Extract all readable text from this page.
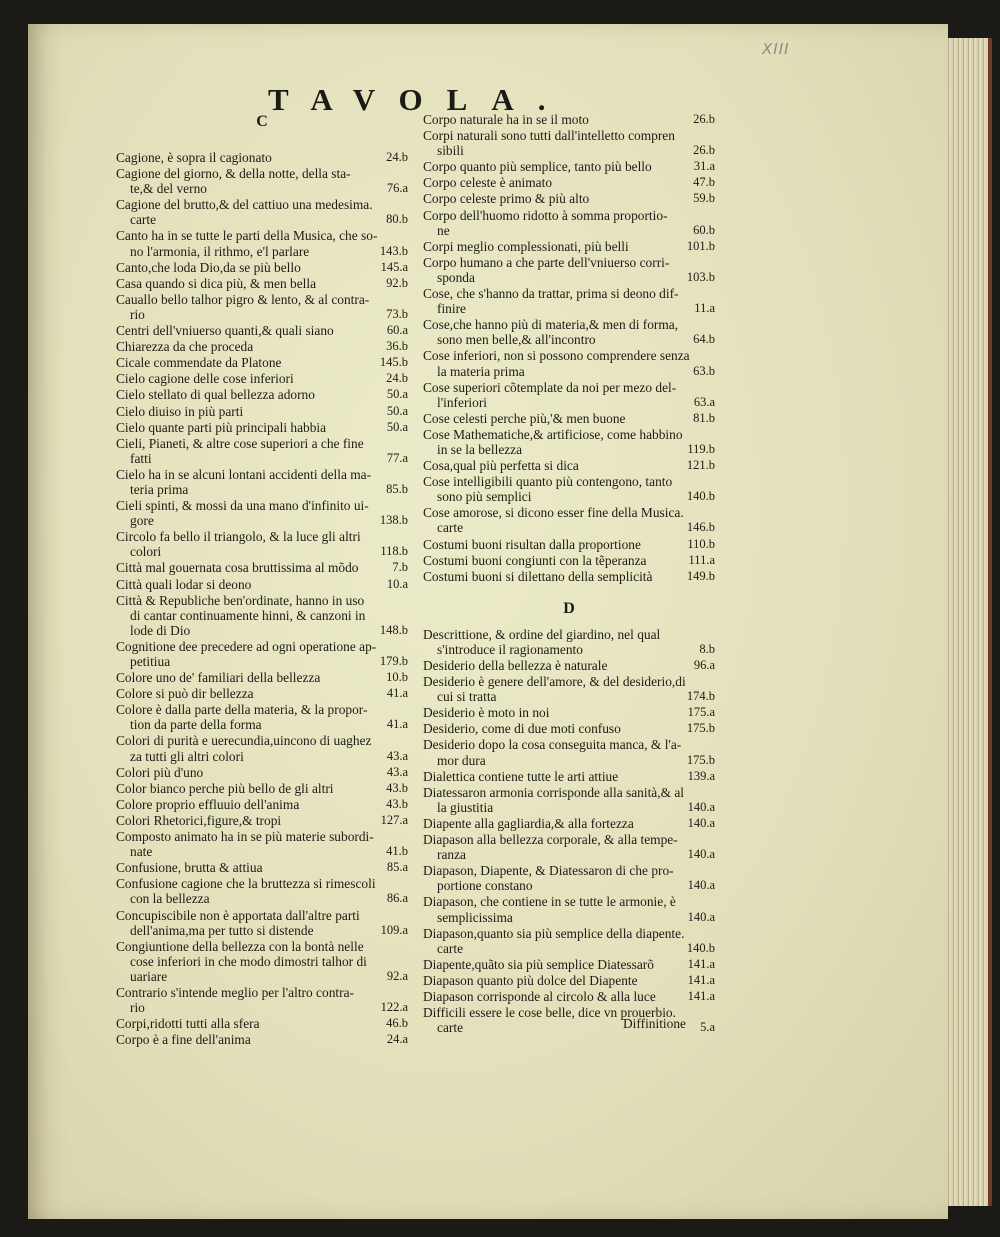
XIII
TAVOLA.
C
Cagione, è sopra il cagionato	24.b
Cagione del giorno, & della notte, della sta-
te,& del verno	76.a
Cagione del brutto,& del cattiuo una medesima.
carte	80.b
Canto ha in se tutte le parti della Musica, che so-
no l'armonia, il rithmo, e'l parlare	143.b
Canto,che loda Dio,da se più bello	145.a
Casa quando si dica più, & men bella	92.b
Cauallo bello talhor pigro & lento, & al contra-
rio	73.b
Centri dell'vniuerso quanti,& quali siano	60.a
Chiarezza da che proceda	36.b
Cicale commendate da Platone	145.b
Cielo cagione delle cose inferiori	24.b
Cielo stellato di qual bellezza adorno	50.a
Cielo diuiso in più parti	50.a
Cielo quante parti più principali habbia	50.a
Cieli, Pianeti, & altre cose superiori a che fine
fatti	77.a
Cielo ha in se alcuni lontani accidenti della ma-
teria prima	85.b
Cieli spinti, & mossi da una mano d'infinito ui-
gore	138.b
Circolo fa bello il triangolo, & la luce gli altri
colori	118.b
Città mal gouernata cosa bruttissima al mõdo	7.b
Città quali lodar si deono	10.a
Città & Republiche ben'ordinate, hanno in uso
di cantar continuamente hinni, & canzoni in
lode di Dio	148.b
Cognitione dee precedere ad ogni operatione ap-
petitiua	179.b
Colore uno de' familiari della bellezza	10.b
Colore si può dir bellezza	41.a
Colore è dalla parte della materia, & la propor-
tion da parte della forma	41.a
Colori di purità e uerecundia,uincono di uaghez
za tutti gli altri colori	43.a
Colori più d'uno	43.a
Color bianco perche più bello de gli altri	43.b
Colore proprio effluuio dell'anima	43.b
Colori Rhetorici,figure,& tropi	127.a
Composto animato ha in se più materie subordi-
nate	41.b
Confusione, brutta & attiua	85.a
Confusione cagione che la bruttezza si rimescoli
con la bellezza	86.a
Concupiscibile non è apportata dall'altre parti
dell'anima,ma per tutto si distende	109.a
Congiuntione della bellezza con la bontà nelle
cose inferiori in che modo dimostri talhor di
uariare	92.a
Contrario s'intende meglio per l'altro contra-
rio	122.a
Corpi,ridotti tutti alla sfera	46.b
Corpo è a fine dell'anima	24.a
Corpo naturale ha in se il moto	26.b
Corpi naturali sono tutti dall'intelletto compren
sibili	26.b
Corpo quanto più semplice, tanto più bello	31.a
Corpo celeste è animato	47.b
Corpo celeste primo & più alto	59.b
Corpo dell'huomo ridotto à somma proportio-
ne	60.b
Corpi meglio complessionati, più belli	101.b
Corpo humano a che parte dell'vniuerso corri-
sponda	103.b
Cose, che s'hanno da trattar, prima si deono dif-
finire	11.a
Cose,che hanno più di materia,& men di forma,
sono men belle,& all'incontro	64.b
Cose inferiori, non si possono comprendere senza
la materia prima	63.b
Cose superiori cõtemplate da noi per mezo del-
l'inferiori	63.a
Cose celesti perche più,'& men buone	81.b
Cose Mathematiche,& artificiose, come habbino
in se la bellezza	119.b
Cosa,qual più perfetta si dica	121.b
Cose intelligibili quanto più contengono, tanto
sono più semplici	140.b
Cose amorose, si dicono esser fine della Musica.
carte	146.b
Costumi buoni risultan dalla proportione	110.b
Costumi buoni congiunti con la tẽperanza	111.a
Costumi buoni si dilettano della semplicità	149.b
D
Descrittione, & ordine del giardino, nel qual
s'introduce il ragionamento	8.b
Desiderio della bellezza è naturale	96.a
Desiderio è genere dell'amore, & del desiderio,di
cui si tratta	174.b
Desiderio è moto in noi	175.a
Desiderio, come di due moti confuso	175.b
Desiderio dopo la cosa conseguita manca, & l'a-
mor dura	175.b
Dialettica contiene tutte le arti attiue	139.a
Diatessaron armonia corrisponde alla sanità,& al
la giustitia	140.a
Diapente alla gagliardia,& alla fortezza	140.a
Diapason alla bellezza corporale, & alla tempe-
ranza	140.a
Diapason, Diapente, & Diatessaron di che pro-
portione constano	140.a
Diapason, che contiene in se tutte le armonie, è
semplicissima	140.a
Diapason,quanto sia più semplice della diapente.
carte	140.b
Diapente,quãto sia più semplice Diatessarõ	141.a
Diapason quanto più dolce del Diapente	141.a
Diapason corrisponde al circolo & alla luce	141.a
Difficili essere le cose belle, dice vn prouerbio.
carte	5.a
Diffinitione
